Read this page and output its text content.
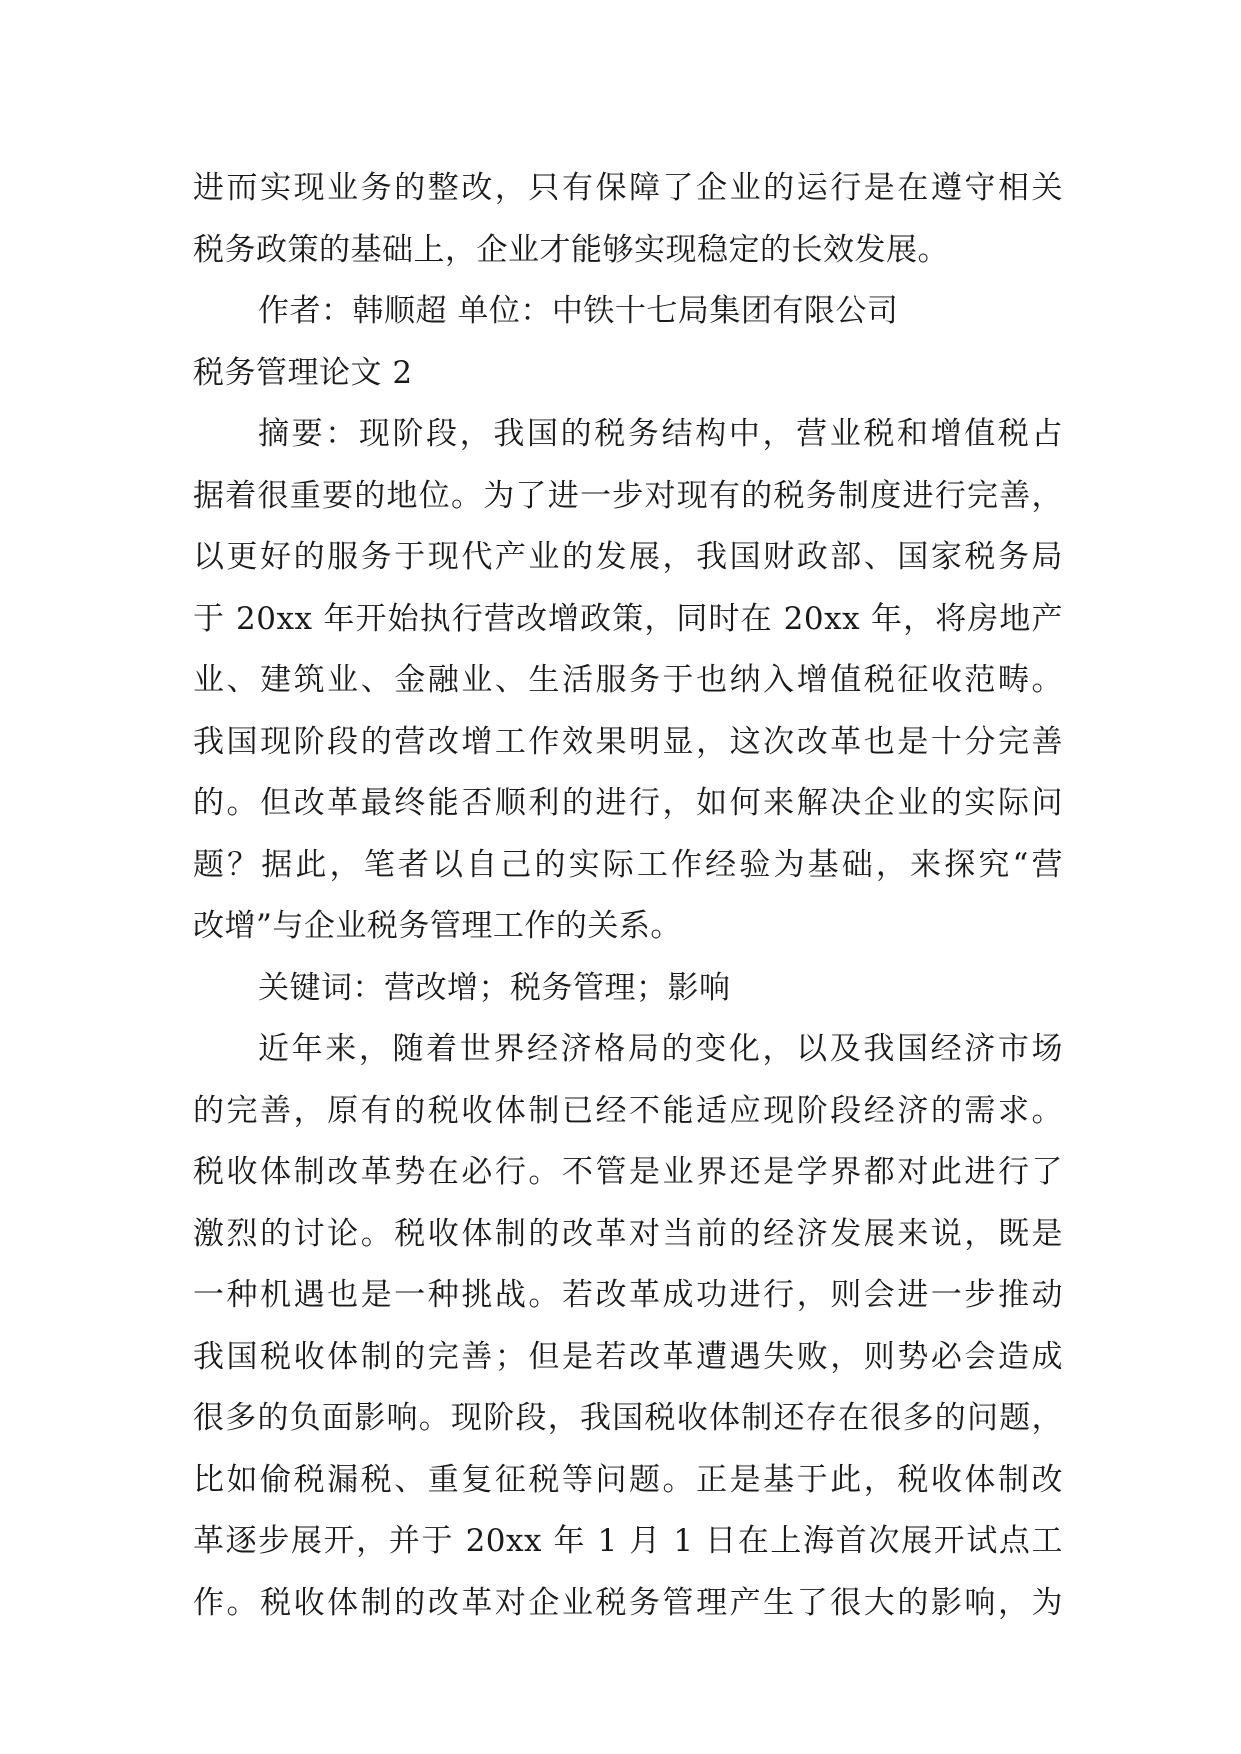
进而实现业务的整改，只有保障了企业的运行是在遵守相关
税务政策的基础上，企业才能够实现稳定的长效发展。
作者：韩顺超 单位：中铁十七局集团有限公司
税务管理论文 2
摘要：现阶段，我国的税务结构中，营业税和增值税占
据着很重要的地位。为了进一步对现有的税务制度进行完善，
以更好的服务于现代产业的发展，我国财政部、国家税务局
于 20xx 年开始执行营改增政策，同时在 20xx 年，将房地产
业、建筑业、金融业、生活服务于也纳入增值税征收范畴。
我国现阶段的营改增工作效果明显，这次改革也是十分完善
的。但改革最终能否顺利的进行，如何来解决企业的实际问
题？据此，笔者以自己的实际工作经验为基础，来探究“营
改增”与企业税务管理工作的关系。
关键词：营改增；税务管理；影响
近年来，随着世界经济格局的变化，以及我国经济市场
的完善，原有的税收体制已经不能适应现阶段经济的需求。
税收体制改革势在必行。不管是业界还是学界都对此进行了
激烈的讨论。税收体制的改革对当前的经济发展来说，既是
一种机遇也是一种挑战。若改革成功进行，则会进一步推动
我国税收体制的完善；但是若改革遭遇失败，则势必会造成
很多的负面影响。现阶段，我国税收体制还存在很多的问题，
比如偷税漏税、重复征税等问题。正是基于此，税收体制改
革逐步展开，并于 20xx 年 1 月 1 日在上海首次展开试点工
作。税收体制的改革对企业税务管理产生了很大的影响，为
